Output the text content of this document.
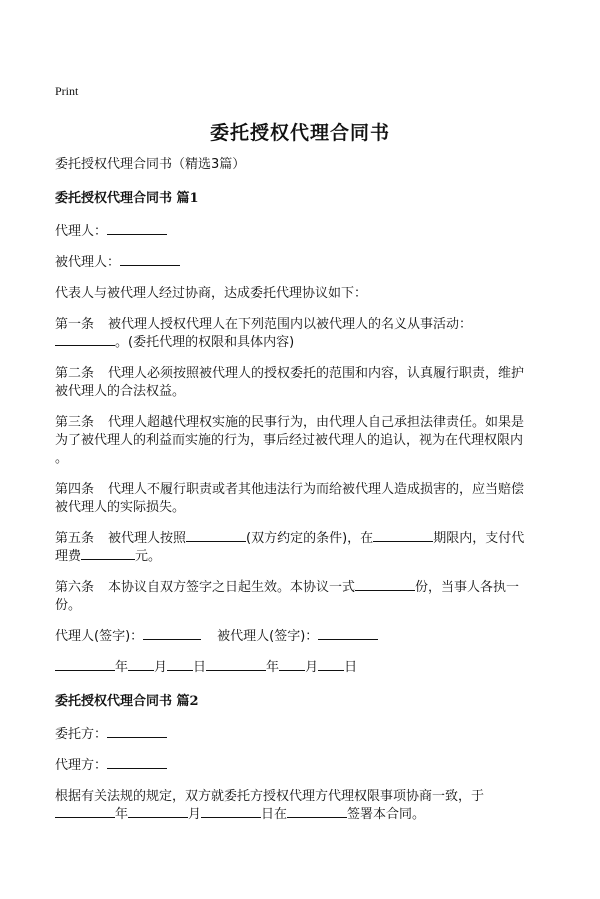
Print
委托授权代理合同书
委托授权代理合同书（精选3篇）
委托授权代理合同书 篇1
代理人：
被代理人：
代表人与被代理人经过协商，达成委托代理协议如下：
第一条 被代理人授权代理人在下列范围内以被代理人的名义从事活动：
。(委托代理的权限和具体内容)
第二条 代理人必须按照被代理人的授权委托的范围和内容，认真履行职责，维护
被代理人的合法权益。
第三条 代理人超越代理权实施的民事行为，由代理人自己承担法律责任。如果是
为了被代理人的利益而实施的行为，事后经过被代理人的追认，视为在代理权限内
。
第四条 代理人不履行职责或者其他违法行为而给被代理人造成损害的，应当赔偿
被代理人的实际损失。
第五条 被代理人按照	(双方约定的条件)，在	期限内，支付代
理费	元。
第六条 本协议自双方签字之日起生效。本协议一式	份，当事人各执一
份。
代理人(签字)：	被代理人(签字)：
年 月 日	年 月 日
委托授权代理合同书 篇2
委托方：
代理方：
根据有关法规的规定，双方就委托方授权代理方代理权限事项协商一致，于
年	月	日在	签署本合同。
